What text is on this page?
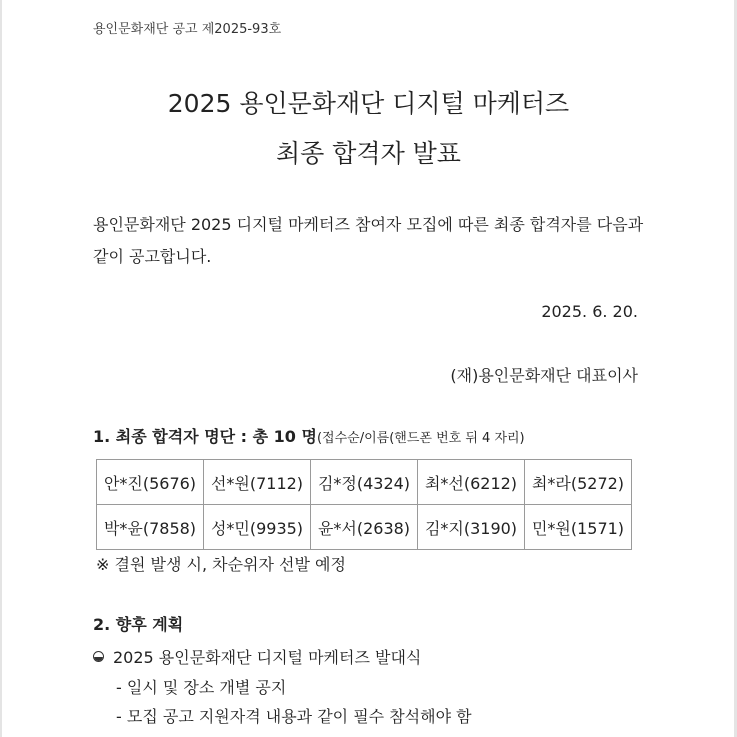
용인문화재단 공고 제2025-93호
2025 용인문화재단 디지털 마케터즈
최종 합격자 발표
용인문화재단 2025 디지털 마케터즈 참여자 모집에 따른 최종 합격자를 다음과 같이 공고합니다.
2025. 6. 20.
(재)용인문화재단 대표이사
1. 최종 합격자 명단 : 총 10 명(접수순/이름(핸드폰 번호 뒤 4 자리)
안*진(5676)	선*원(7112)	김*정(4324)	최*선(6212)	최*라(5272)
박*윤(7858)	성*민(9935)	윤*서(2638)	김*지(3190)	민*원(1571)
※ 결원 발생 시, 차순위자 선발 예정
2. 향후 계획
2025 용인문화재단 디지털 마케터즈 발대식
- 일시 및 장소 개별 공지
- 모집 공고 지원자격 내용과 같이 필수 참석해야 함
